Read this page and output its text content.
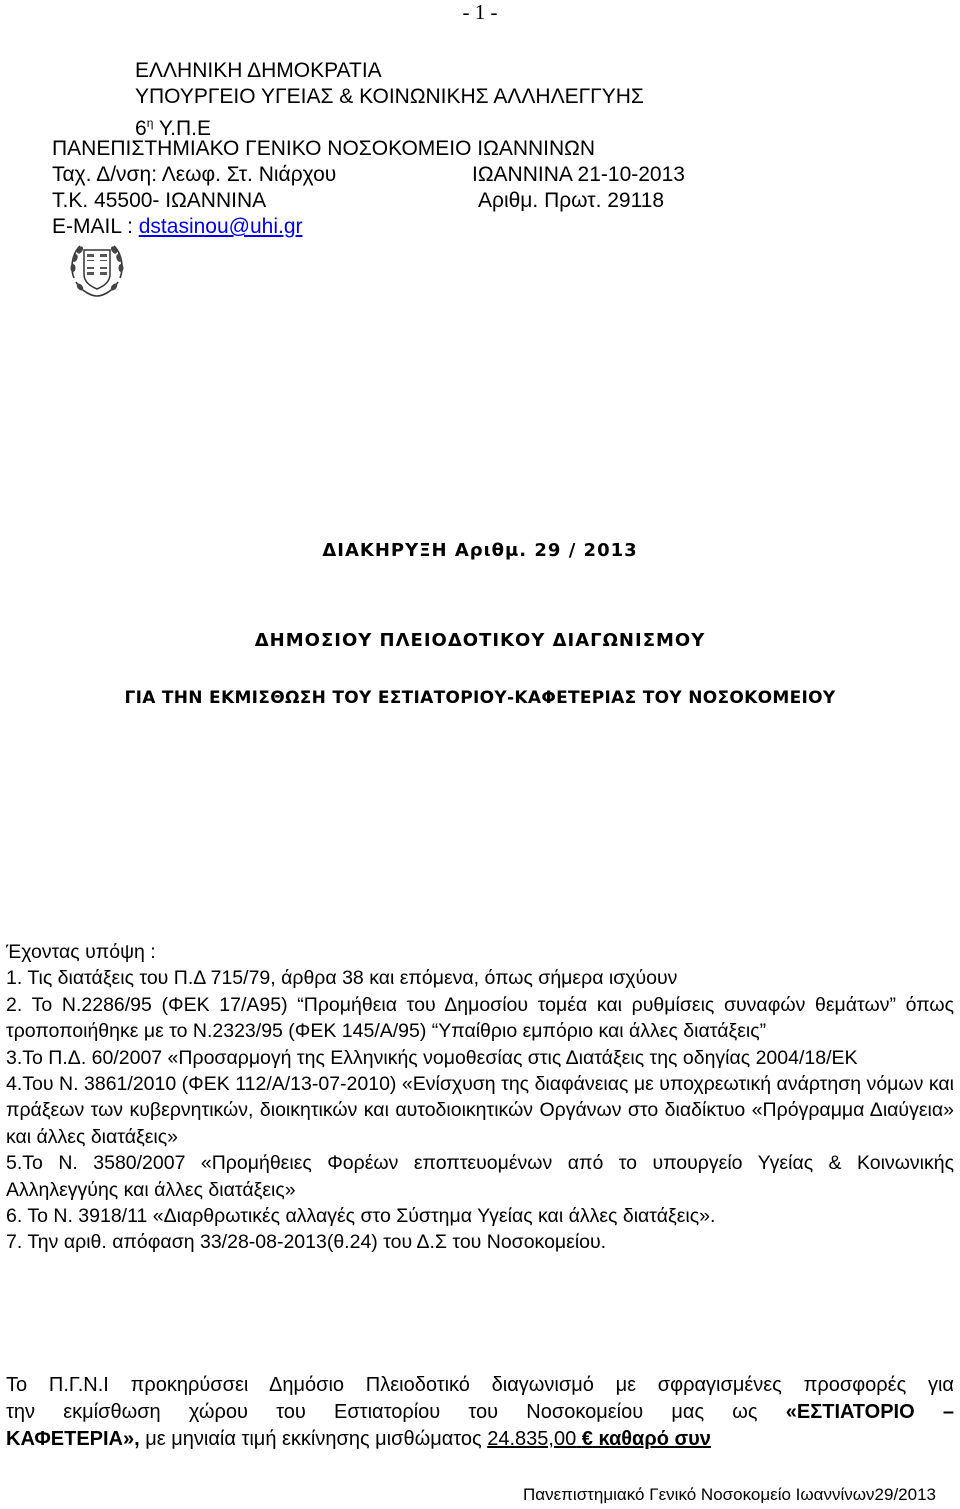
- 1 -
ΕΛΛΗΝΙΚΗ ΔΗΜΟΚΡΑΤΙΑ
ΥΠΟΥΡΓΕΙΟ ΥΓΕΙΑΣ & ΚΟΙΝΩΝΙΚΗΣ ΑΛΛΗΛΕΓΓΥΗΣ
$6^\eta$ Υ.Π.Ε
ΠΑΝΕΠΙΣΤΗΜΙΑΚΟ ΓΕΝΙΚΟ ΝΟΣΟΚΟΜΕΙΟ ΙΩΑΝΝΙΝΩΝ
Ταχ. Δ/νση: Λεωφ. Στ. Νιάρχου	ΙΩΑΝΝΙΝΑ 21-10-2013
Τ.Κ. 45500- ΙΩΑΝΝΙΝΑ	Αριθμ. Πρωτ. 29118
E-MAIL : dstasinou@uhi.gr
ΔΙΑΚΗΡΥΞΗ Αριθμ. 29 / 2013
ΔΗΜΟΣΙΟΥ ΠΛΕΙΟΔΟΤΙΚΟΥ ΔΙΑΓΩΝΙΣΜΟΥ
ΓΙΑ ΤΗΝ ΕΚΜΙΣΘΩΣΗ ΤΟΥ ΕΣΤΙΑΤΟΡΙΟΥ-ΚΑΦΕΤΕΡΙΑΣ ΤΟΥ ΝΟΣΟΚΟΜΕΙΟΥ

Έχοντας υπόψη :

1. Τις διατάξεις του Π.Δ 715/79, άρθρα 38 και επόμενα, όπως σήμερα ισχύουν

2. Το Ν.2286/95 (ΦΕΚ 17/Α95) “Προμήθεια του Δημοσίου τομέα και ρυθμίσεις συναφών θεμάτων” όπως τροποποιήθηκε με το Ν.2323/95 (ΦΕΚ 145/Α/95) “Υπαίθριο εμπόριο και άλλες διατάξεις”

3.Το Π.Δ. 60/2007 «Προσαρμογή της Ελληνικής νομοθεσίας στις Διατάξεις της οδηγίας 2004/18/ΕΚ

4.Του Ν. 3861/2010 (ΦΕΚ 112/Α/13-07-2010) «Ενίσχυση της διαφάνειας με υποχρεωτική ανάρτηση νόμων και πράξεων των κυβερνητικών, διοικητικών και αυτοδιοικητικών Οργάνων στο διαδίκτυο «Πρόγραμμα Διαύγεια» και άλλες διατάξεις»

5.Το Ν. 3580/2007 «Προμήθειες Φορέων εποπτευομένων από το υπουργείο Υγείας & Κοινωνικής Αλληλεγγύης και άλλες διατάξεις»

6. Το Ν. 3918/11 «Διαρθρωτικές αλλαγές στο Σύστημα Υγείας και άλλες διατάξεις».

7. Την αριθ. απόφαση 33/28-08-2013(θ.24) του Δ.Σ του Νοσοκομείου.

Το Π.Γ.Ν.Ι προκηρύσσει Δημόσιο Πλειοδοτικό διαγωνισμό με σφραγισμένες προσφορές για

την εκμίσθωση χώρου του Εστιατορίου του Νοσοκομείου μας ως «ΕΣΤΙΑΤΟΡΙΟ –

ΚΑΦΕΤΕΡΙΑ», με μηνιαία τιμή εκκίνησης μισθώματος 24.835,00 € καθαρό συν

Πανεπιστημιακό Γενικό Νοσοκομείο Ιωαννίνων29/2013
